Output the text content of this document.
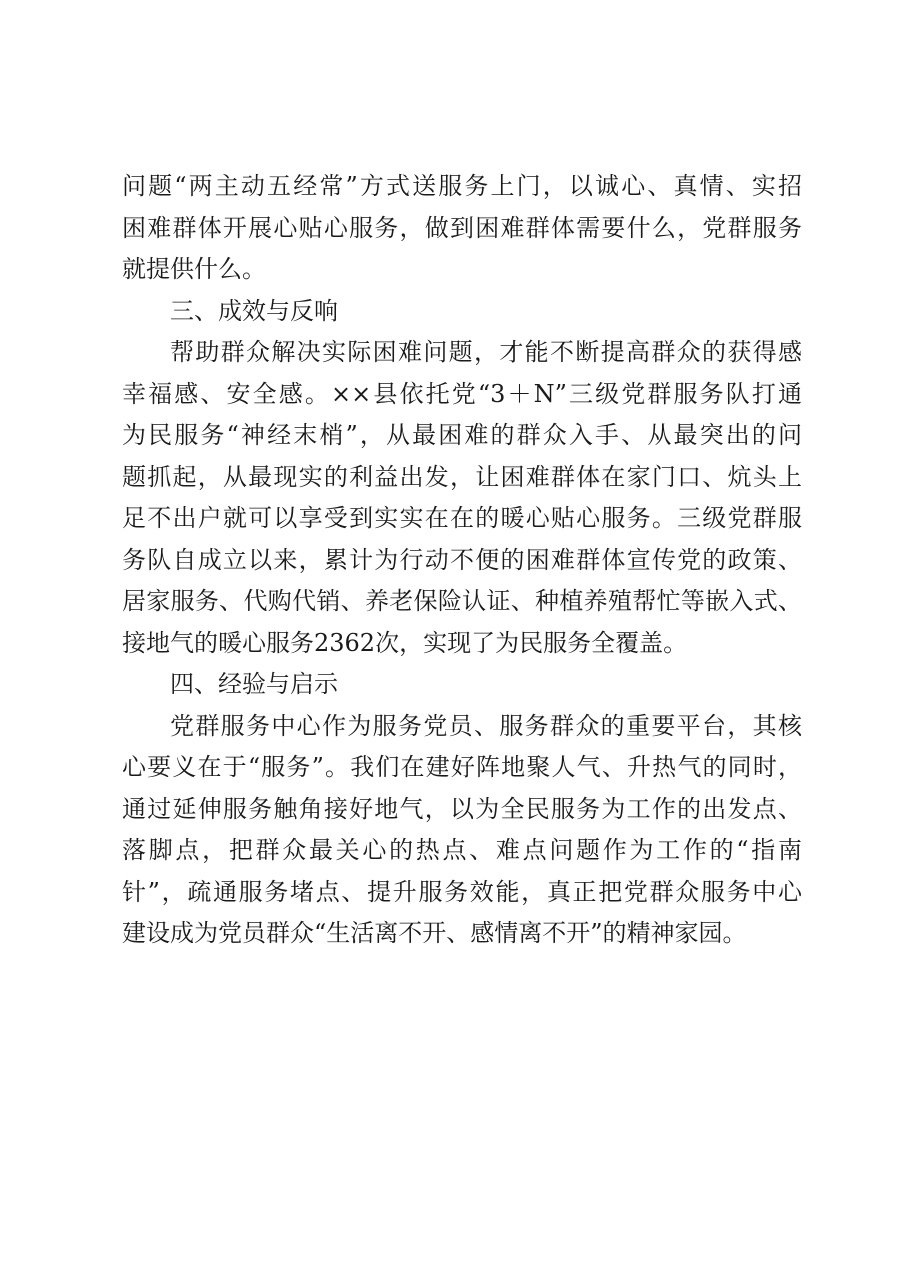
问题“两主动五经常”方式送服务上门，以诚心、真情、实招
困难群体开展心贴心服务，做到困难群体需要什么，党群服务
就提供什么。
三、成效与反响
帮助群众解决实际困难问题，才能不断提高群众的获得感
幸福感、安全感。××县依托党“3＋N”三级党群服务队打通
为民服务“神经末梢”，从最困难的群众入手、从最突出的问
题抓起，从最现实的利益出发，让困难群体在家门口、炕头上
足不出户就可以享受到实实在在的暖心贴心服务。三级党群服
务队自成立以来，累计为行动不便的困难群体宣传党的政策、
居家服务、代购代销、养老保险认证、种植养殖帮忙等嵌入式、
接地气的暖心服务2362次，实现了为民服务全覆盖。
四、经验与启示
党群服务中心作为服务党员、服务群众的重要平台，其核
心要义在于“服务”。我们在建好阵地聚人气、升热气的同时，
通过延伸服务触角接好地气，以为全民服务为工作的出发点、
落脚点，把群众最关心的热点、难点问题作为工作的“指南
针”，疏通服务堵点、提升服务效能，真正把党群众服务中心
建设成为党员群众“生活离不开、感情离不开”的精神家园。
